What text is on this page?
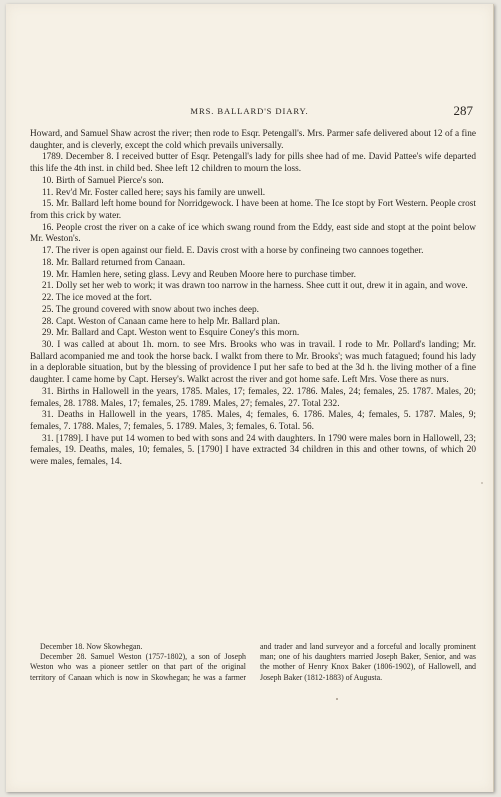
MRS. BALLARD'S DIARY.	287

Howard, and Samuel Shaw acrost the river; then rode to Esqr. Petengall's. Mrs. Parmer safe delivered about 12 of a fine daughter, and is cleverly, except the cold which prevails universally.

1789. December 8. I received butter of Esqr. Petengall's lady for pills shee had of me. David Pattee's wife departed this life the 4th inst. in child bed. Shee left 12 children to mourn the loss.

10. Birth of Samuel Pierce's son.

11. Rev'd Mr. Foster called here; says his family are unwell.

15. Mr. Ballard left home bound for Norridgewock. I have been at home. The Ice stopt by Fort Western. People crost from this crick by water.

16. People crost the river on a cake of ice which swang round from the Eddy, east side and stopt at the point below Mr. Weston's.

17. The river is open against our field. E. Davis crost with a horse by confineing two cannoes together.

18. Mr. Ballard returned from Canaan.

19. Mr. Hamlen here, seting glass. Levy and Reuben Moore here to purchase timber.

21. Dolly set her web to work; it was drawn too narrow in the harness. Shee cutt it out, drew it in again, and wove.

22. The ice moved at the fort.

25. The ground covered with snow about two inches deep.

28. Capt. Weston of Canaan came here to help Mr. Ballard plan.

29. Mr. Ballard and Capt. Weston went to Esquire Coney's this morn.

30. I was called at about 1h. morn. to see Mrs. Brooks who was in travail. I rode to Mr. Pollard's landing; Mr. Ballard acompanied me and took the horse back. I walkt from there to Mr. Brooks'; was much fatagued; found his lady in a deplorable situation, but by the blessing of providence I put her safe to bed at the 3d h. the living mother of a fine daughter. I came home by Capt. Hersey's. Walkt acrost the river and got home safe. Left Mrs. Vose there as nurs.

31. Births in Hallowell in the years, 1785. Males, 17; females, 22. 1786. Males, 24; females, 25. 1787. Males, 20; females, 28. 1788. Males, 17; females, 25. 1789. Males, 27; females, 27. Total 232.

31. Deaths in Hallowell in the years, 1785. Males, 4; females, 6. 1786. Males, 4; females, 5. 1787. Males, 9; females, 7. 1788. Males, 7; females, 5. 1789. Males, 3; females, 6. Total. 56.

31. [1789]. I have put 14 women to bed with sons and 24 with daughters. In 1790 were males born in Hallowell, 23; females, 19. Deaths, males, 10; females, 5. [1790] I have extracted 34 children in this and other towns, of which 20 were males, females, 14.

December 18. Now Skowhegan.

December 28. Samuel Weston (1757-1802), a son of Joseph Weston who was a pioneer settler on that part of the original territory of Canaan which is now in Skowhegan; he was a farmer and trader and land surveyor and a forceful and locally prominent man; one of his daughters married Joseph Baker, Senior, and was the mother of Henry Knox Baker (1806-1902), of Hallowell, and Joseph Baker (1812-1883) of Augusta.
